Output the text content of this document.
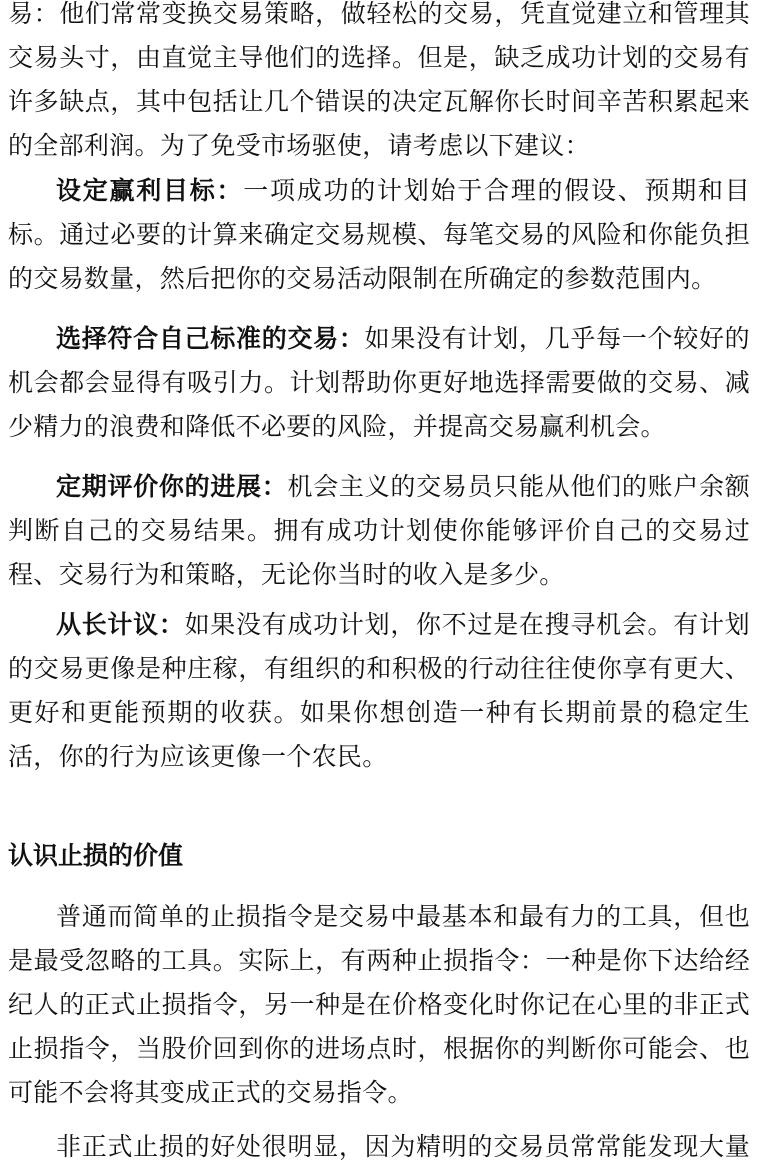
易：他们常常变换交易策略，做轻松的交易，凭直觉建立和管理其
交易头寸，由直觉主导他们的选择。但是，缺乏成功计划的交易有
许多缺点，其中包括让几个错误的决定瓦解你长时间辛苦积累起来
的全部利润。为了免受市场驱使，请考虑以下建议：
设定赢利目标：一项成功的计划始于合理的假设、预期和目
标。通过必要的计算来确定交易规模、每笔交易的风险和你能负担
的交易数量，然后把你的交易活动限制在所确定的参数范围内。
选择符合自己标准的交易：如果没有计划，几乎每一个较好的
机会都会显得有吸引力。计划帮助你更好地选择需要做的交易、减
少精力的浪费和降低不必要的风险，并提高交易赢利机会。
定期评价你的进展：机会主义的交易员只能从他们的账户余额
判断自己的交易结果。拥有成功计划使你能够评价自己的交易过
程、交易行为和策略，无论你当时的收入是多少。
从长计议：如果没有成功计划，你不过是在搜寻机会。有计划
的交易更像是种庄稼，有组织的和积极的行动往往使你享有更大、
更好和更能预期的收获。如果你想创造一种有长期前景的稳定生
活，你的行为应该更像一个农民。
认识止损的价值
普通而简单的止损指令是交易中最基本和最有力的工具，但也
是最受忽略的工具。实际上，有两种止损指令：一种是你下达给经
纪人的正式止损指令，另一种是在价格变化时你记在心里的非正式
止损指令，当股价回到你的进场点时，根据你的判断你可能会、也
可能不会将其变成正式的交易指令。
非正式止损的好处很明显，因为精明的交易员常常能发现大量
